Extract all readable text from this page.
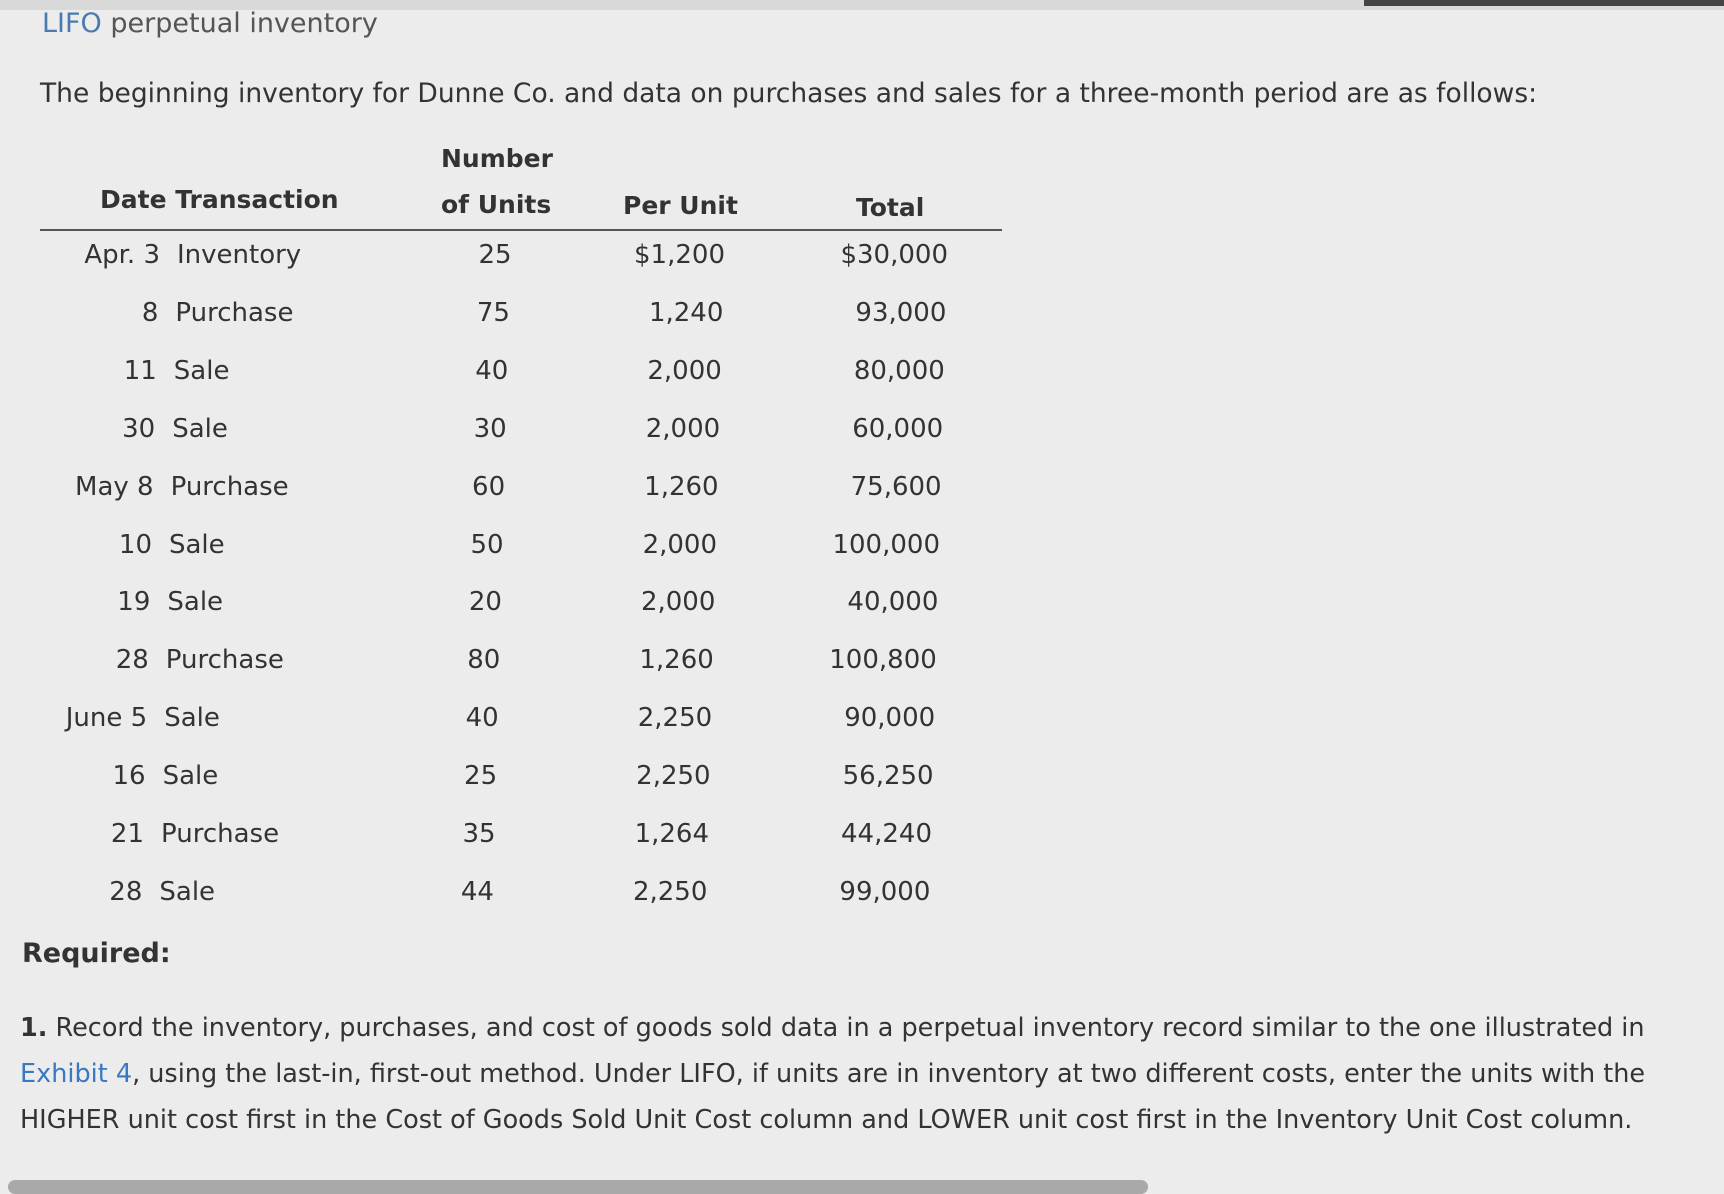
LIFO perpetual inventory
The beginning inventory for Dunne Co. and data on purchases and sales for a three-month period are as follows:
Date Transaction
Number
of Units	Per Unit	Total
Apr. 3 Inventory	25	$1,200	$30,000
8 Purchase	75	1,240	93,000
11 Sale	40	2,000	80,000
30 Sale	30	2,000	60,000
May 8 Purchase	60	1,260	75,600
10 Sale	50	2,000	100,000
19 Sale	20	2,000	40,000
28 Purchase	80	1,260	100,800
June 5 Sale	40	2,250	90,000
16 Sale	25	2,250	56,250
21 Purchase	35	1,264	44,240
28 Sale	44	2,250	99,000
Required:
1. Record the inventory, purchases, and cost of goods sold data in a perpetual inventory record similar to the one illustrated in Exhibit 4, using the last-in, first-out method. Under LIFO, if units are in inventory at two different costs, enter the units with the HIGHER unit cost first in the Cost of Goods Sold Unit Cost column and LOWER unit cost first in the Inventory Unit Cost column.
